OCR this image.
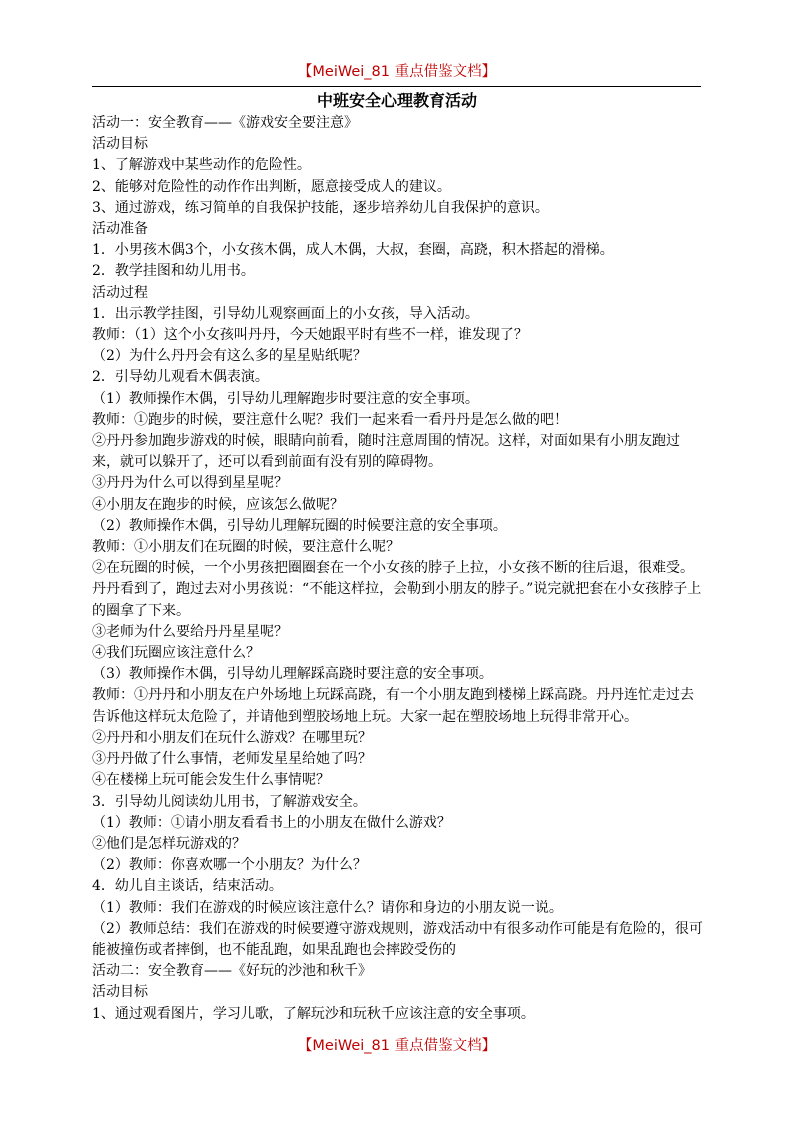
【MeiWei_81 重点借鉴文档】
中班安全心理教育活动

活动一：安全教育——《游戏安全要注意》

活动目标

1、了解游戏中某些动作的危险性。

2、能够对危险性的动作作出判断，愿意接受成人的建议。

3、通过游戏，练习简单的自我保护技能，逐步培养幼儿自我保护的意识。

活动准备

1．小男孩木偶3个，小女孩木偶，成人木偶，大叔，套圈，高跷，积木搭起的滑梯。

2．教学挂图和幼儿用书。

活动过程

1．出示教学挂图，引导幼儿观察画面上的小女孩，导入活动。

教师：（1）这个小女孩叫丹丹，今天她跟平时有些不一样，谁发现了？

（2）为什么丹丹会有这么多的星星贴纸呢？

2．引导幼儿观看木偶表演。

（1）教师操作木偶，引导幼儿理解跑步时要注意的安全事项。

教师：①跑步的时候，要注意什么呢？我们一起来看一看丹丹是怎么做的吧！

②丹丹参加跑步游戏的时候，眼睛向前看，随时注意周围的情况。这样，对面如果有小朋友跑过来，就可以躲开了，还可以看到前面有没有别的障碍物。

③丹丹为什么可以得到星星呢？

④小朋友在跑步的时候，应该怎么做呢？

（2）教师操作木偶，引导幼儿理解玩圈的时候要注意的安全事项。

教师：①小朋友们在玩圈的时候，要注意什么呢？

②在玩圈的时候，一个小男孩把圈圈套在一个小女孩的脖子上拉，小女孩不断的往后退，很难受。丹丹看到了，跑过去对小男孩说：“不能这样拉，会勒到小朋友的脖子。”说完就把套在小女孩脖子上的圈拿了下来。

③老师为什么要给丹丹星星呢？

④我们玩圈应该注意什么？

（3）教师操作木偶，引导幼儿理解踩高跷时要注意的安全事项。

教师：①丹丹和小朋友在户外场地上玩踩高跷，有一个小朋友跑到楼梯上踩高跷。丹丹连忙走过去告诉他这样玩太危险了，并请他到塑胶场地上玩。大家一起在塑胶场地上玩得非常开心。

②丹丹和小朋友们在玩什么游戏？在哪里玩？

③丹丹做了什么事情，老师发星星给她了吗？

④在楼梯上玩可能会发生什么事情呢？

3．引导幼儿阅读幼儿用书，了解游戏安全。

（1）教师：①请小朋友看看书上的小朋友在做什么游戏？

②他们是怎样玩游戏的？

（2）教师：你喜欢哪一个小朋友？为什么？

4．幼儿自主谈话，结束活动。

（1）教师：我们在游戏的时候应该注意什么？请你和身边的小朋友说一说。

（2）教师总结：我们在游戏的时候要遵守游戏规则，游戏活动中有很多动作可能是有危险的，很可能被撞伤或者摔倒，也不能乱跑，如果乱跑也会摔跤受伤的

活动二：安全教育——《好玩的沙池和秋千》

活动目标

1、通过观看图片，学习儿歌，了解玩沙和玩秋千应该注意的安全事项。

【MeiWei_81 重点借鉴文档】
